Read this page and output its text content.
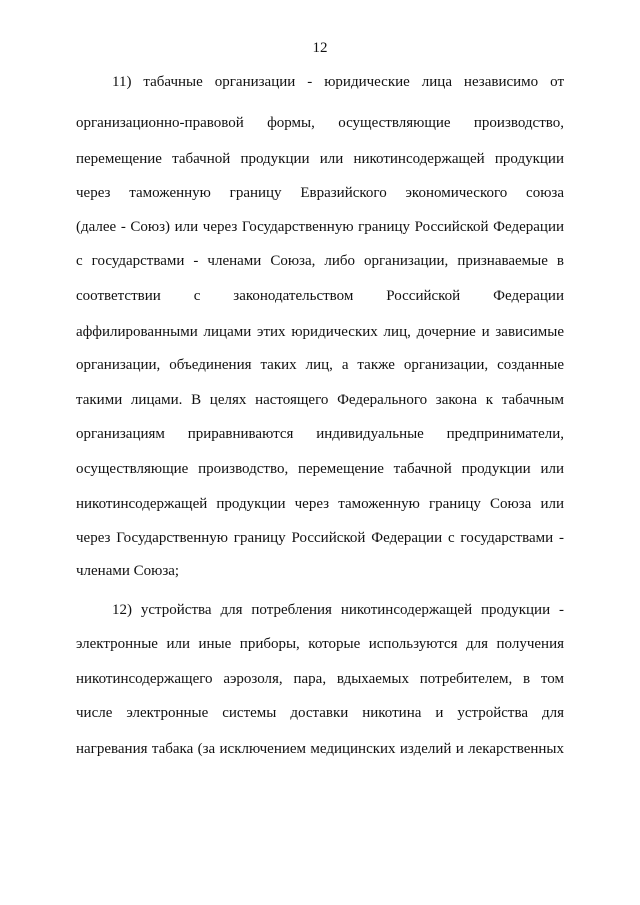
12
11) табачные организации - юридические лица независимо от
организационно-правовой формы, осуществляющие производство,
перемещение табачной продукции или никотинсодержащей продукции
через таможенную границу Евразийского экономического союза
(далее - Союз) или через Государственную границу Российской Федерации
с государствами - членами Союза, либо организации, признаваемые в
соответствии с законодательством Российской Федерации
аффилированными лицами этих юридических лиц, дочерние и зависимые
организации, объединения таких лиц, а также организации, созданные
такими лицами. В целях настоящего Федерального закона к табачным
организациям приравниваются индивидуальные предприниматели,
осуществляющие производство, перемещение табачной продукции или
никотинсодержащей продукции через таможенную границу Союза или
через Государственную границу Российской Федерации с государствами -
членами Союза;
12) устройства для потребления никотинсодержащей продукции -
электронные или иные приборы, которые используются для получения
никотинсодержащего аэрозоля, пара, вдыхаемых потребителем, в том
числе электронные системы доставки никотина и устройства для
нагревания табака (за исключением медицинских изделий и лекарственных
